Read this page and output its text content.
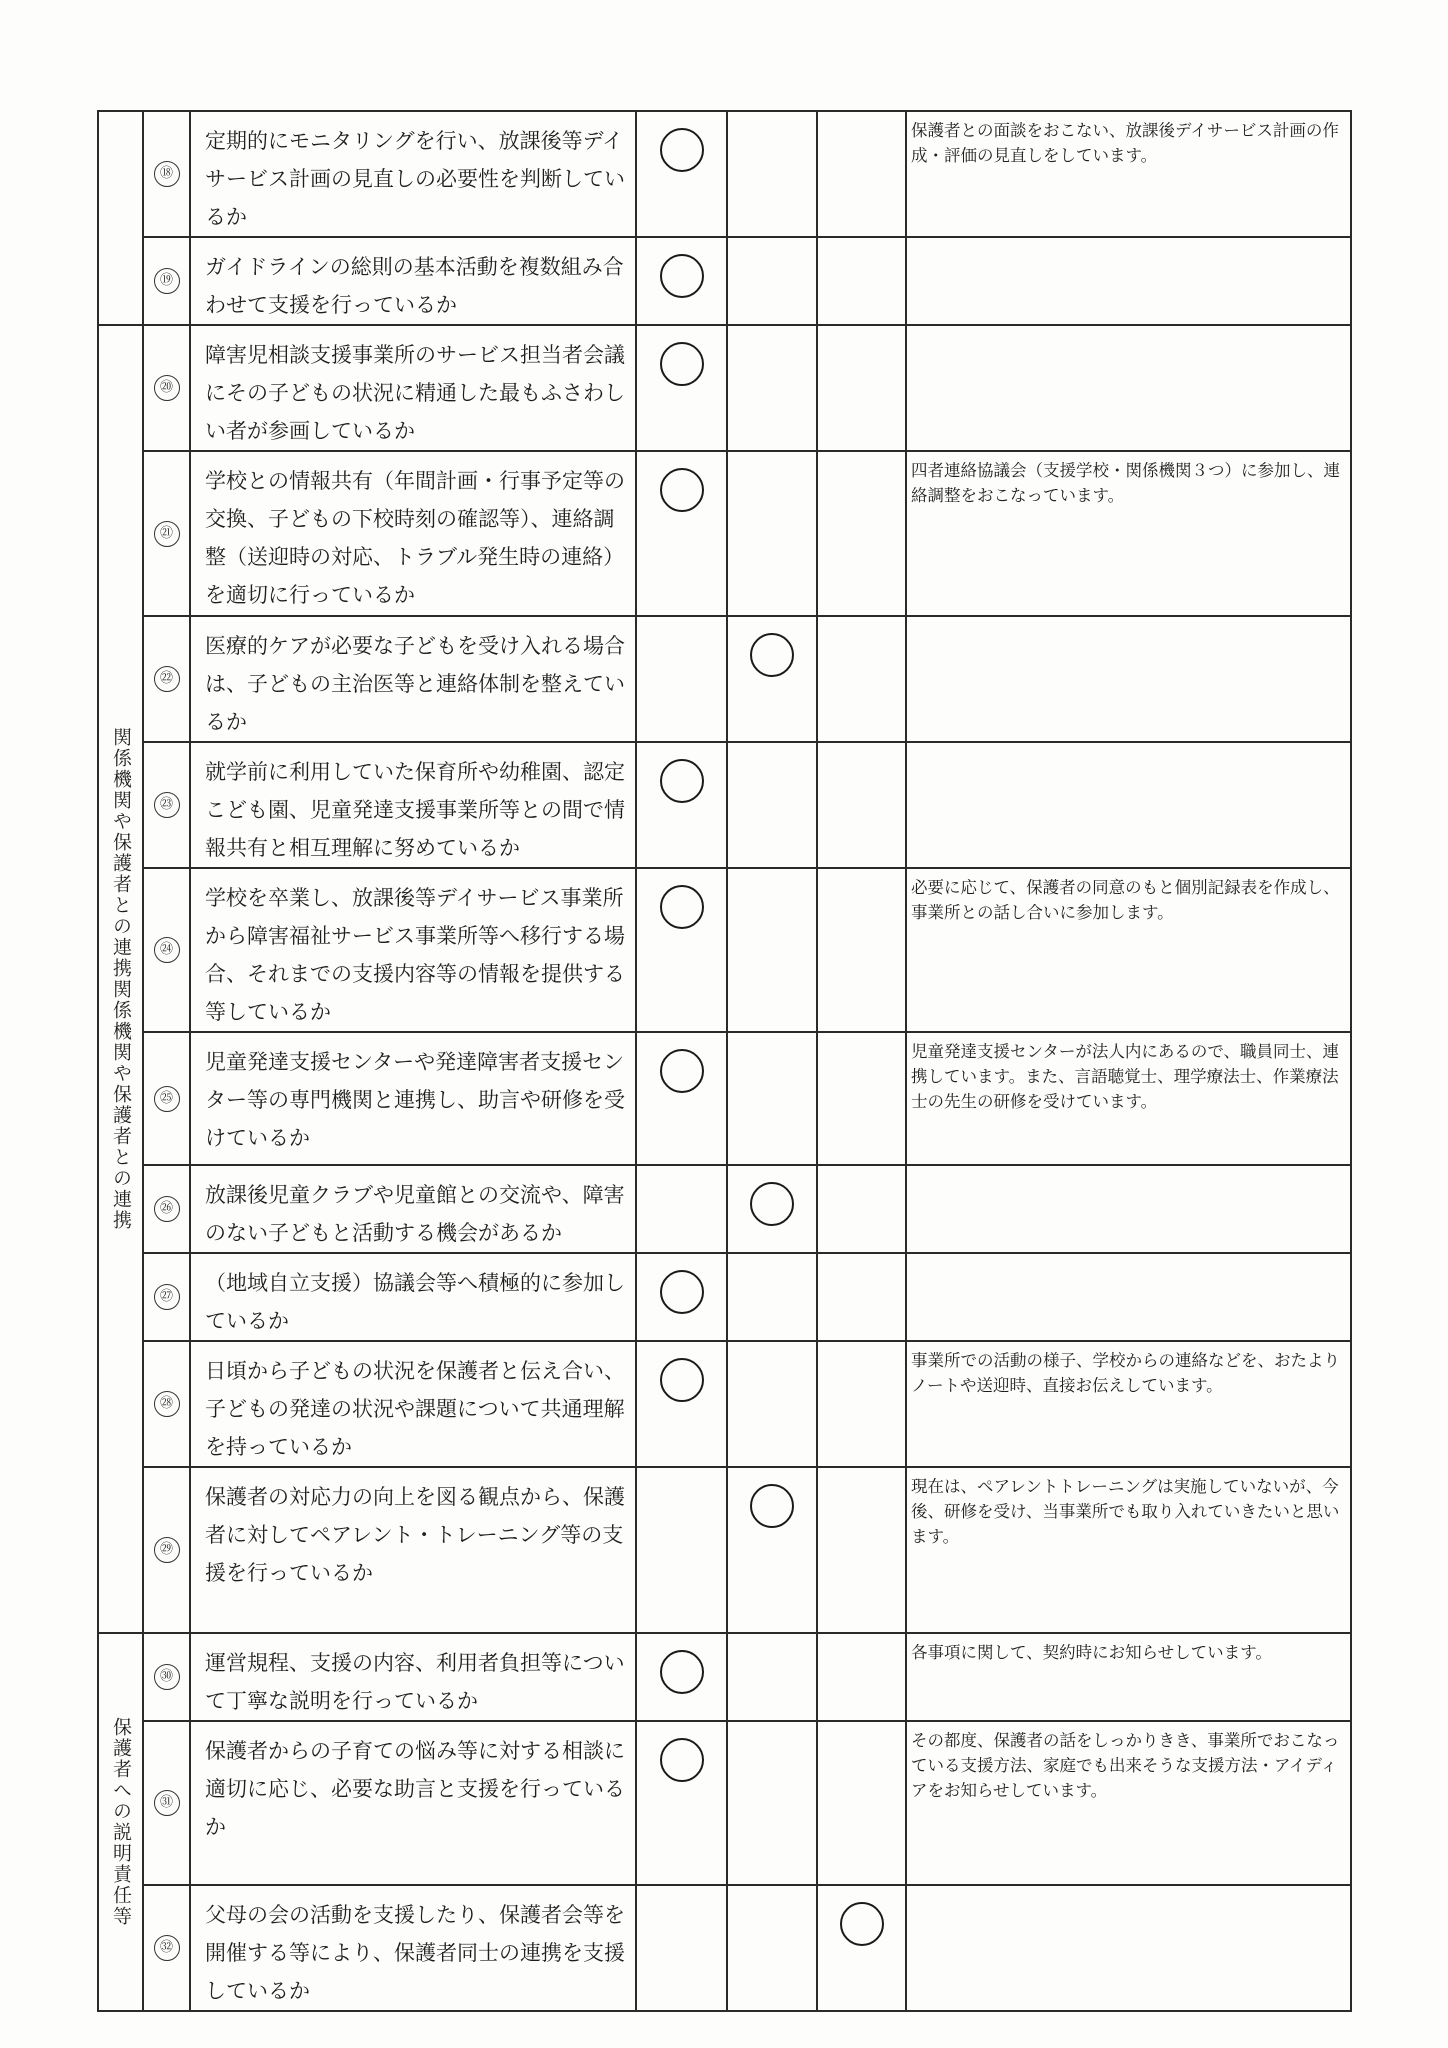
	⑱	定期的にモニタリングを行い、放課後等デイサービス計画の見直しの必要性を判断しているか				保護者との面談をおこない、放課後デイサービス計画の作成・評価の見直しをしています。
	⑲	ガイドラインの総則の基本活動を複数組み合わせて支援を行っているか	

関係機関や保護者との連携関係機関や保護者との連携	⑳	障害児相談支援事業所のサービス担当者会議にその子どもの状況に精通した最もふさわしい者が参画しているか	

	㉑	学校との情報共有（年間計画・行事予定等の交換、子どもの下校時刻の確認等）、連絡調整（送迎時の対応、トラブル発生時の連絡）を適切に行っているか				四者連絡協議会（支援学校・関係機関３つ）に参加し、連絡調整をおこなっています。
	㉒	医療的ケアが必要な子どもを受け入れる場合は、子どもの主治医等と連絡体制を整えているか		

	㉓	就学前に利用していた保育所や幼稚園、認定こども園、児童発達支援事業所等との間で情報共有と相互理解に努めているか	

	㉔	学校を卒業し、放課後等デイサービス事業所から障害福祉サービス事業所等へ移行する場合、それまでの支援内容等の情報を提供する等しているか				必要に応じて、保護者の同意のもと個別記録表を作成し、事業所との話し合いに参加します。
	㉕	児童発達支援センターや発達障害者支援センター等の専門機関と連携し、助言や研修を受けているか				児童発達支援センターが法人内にあるので、職員同士、連携しています。また、言語聴覚士、理学療法士、作業療法士の先生の研修を受けています。
	㉖	放課後児童クラブや児童館との交流や、障害のない子どもと活動する機会があるか		

	㉗	（地域自立支援）協議会等へ積極的に参加しているか	

	㉘	日頃から子どもの状況を保護者と伝え合い、子どもの発達の状況や課題について共通理解を持っているか				事業所での活動の様子、学校からの連絡などを、おたよりノートや送迎時、直接お伝えしています。
	㉙	保護者の対応力の向上を図る観点から、保護者に対してペアレント・トレーニング等の支援を行っているか				現在は、ペアレントトレーニングは実施していないが、今後、研修を受け、当事業所でも取り入れていきたいと思います。
保護者への説明責任等	㉚	運営規程、支援の内容、利用者負担等について丁寧な説明を行っているか				各事項に関して、契約時にお知らせしています。
	㉛	保護者からの子育ての悩み等に対する相談に適切に応じ、必要な助言と支援を行っているか				その都度、保護者の話をしっかりきき、事業所でおこなっている支援方法、家庭でも出来そうな支援方法・アイディアをお知らせしています。
	㉜	父母の会の活動を支援したり、保護者会等を開催する等により、保護者同士の連携を支援しているか			
